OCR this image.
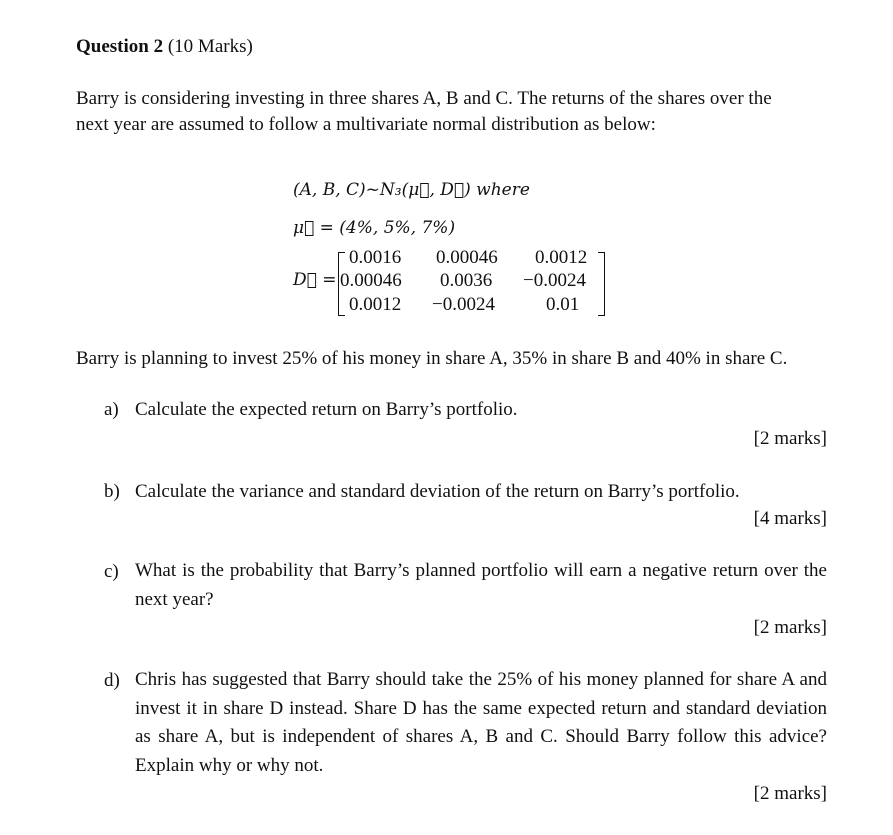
Question 2 (10 Marks)
Barry is considering investing in three shares A, B and C. The returns of the shares over the
next year are assumed to follow a multivariate normal distribution as below:
(A, B, C)~N₃(μ⃗, D⃗) where
μ⃗ = (4%, 5%, 7%)
D⃗ =
0.0016 0.00046 0.0012
0.00046 0.0036 −0.0024
0.0012 −0.0024	0.01
Barry is planning to invest 25% of his money in share A, 35% in share B and 40% in share C.
a) Calculate the expected return on Barry’s portfolio.
[2 marks]
b) Calculate the variance and standard deviation of the return on Barry’s portfolio.
[4 marks]
c) What is the probability that Barry’s planned portfolio will earn a negative return over the next year?
[2 marks]
d) Chris has suggested that Barry should take the 25% of his money planned for share A and invest it in share D instead. Share D has the same expected return and standard deviation as share A, but is independent of shares A, B and C. Should Barry follow this advice? Explain why or why not.
[2 marks]
